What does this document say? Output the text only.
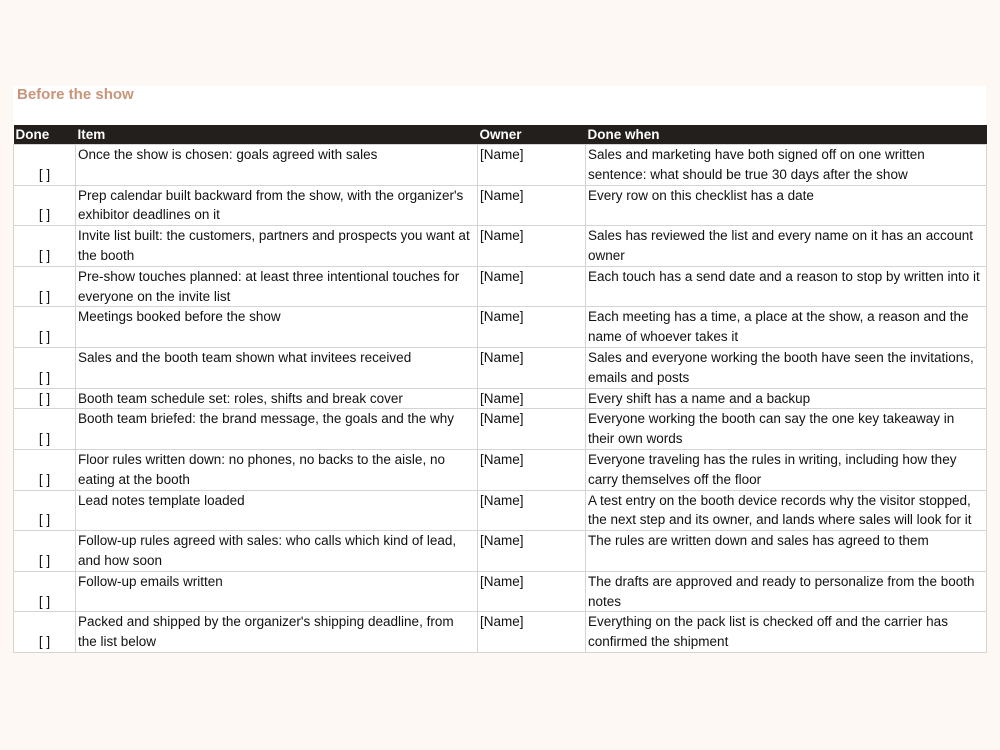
Before the show
Done	Item	Owner	Done when
[ ]	Once the show is chosen: goals agreed with sales	[Name]	Sales and marketing have both signed off on one written sentence: what should be true 30 days after the show
[ ]	Prep calendar built backward from the show, with the organizer's exhibitor deadlines on it	[Name]	Every row on this checklist has a date
[ ]	Invite list built: the customers, partners and prospects you want at the booth	[Name]	Sales has reviewed the list and every name on it has an account owner
[ ]	Pre-show touches planned: at least three intentional touches for everyone on the invite list	[Name]	Each touch has a send date and a reason to stop by written into it
[ ]	Meetings booked before the show	[Name]	Each meeting has a time, a place at the show, a reason and the name of whoever takes it
[ ]	Sales and the booth team shown what invitees received	[Name]	Sales and everyone working the booth have seen the invitations, emails and posts
[ ]	Booth team schedule set: roles, shifts and break cover	[Name]	Every shift has a name and a backup
[ ]	Booth team briefed: the brand message, the goals and the why	[Name]	Everyone working the booth can say the one key takeaway in their own words
[ ]	Floor rules written down: no phones, no backs to the aisle, no eating at the booth	[Name]	Everyone traveling has the rules in writing, including how they carry themselves off the floor
[ ]	Lead notes template loaded	[Name]	A test entry on the booth device records why the visitor stopped, the next step and its owner, and lands where sales will look for it
[ ]	Follow-up rules agreed with sales: who calls which kind of lead, and how soon	[Name]	The rules are written down and sales has agreed to them
[ ]	Follow-up emails written	[Name]	The drafts are approved and ready to personalize from the booth notes
[ ]	Packed and shipped by the organizer's shipping deadline, from the list below	[Name]	Everything on the pack list is checked off and the carrier has confirmed the shipment
